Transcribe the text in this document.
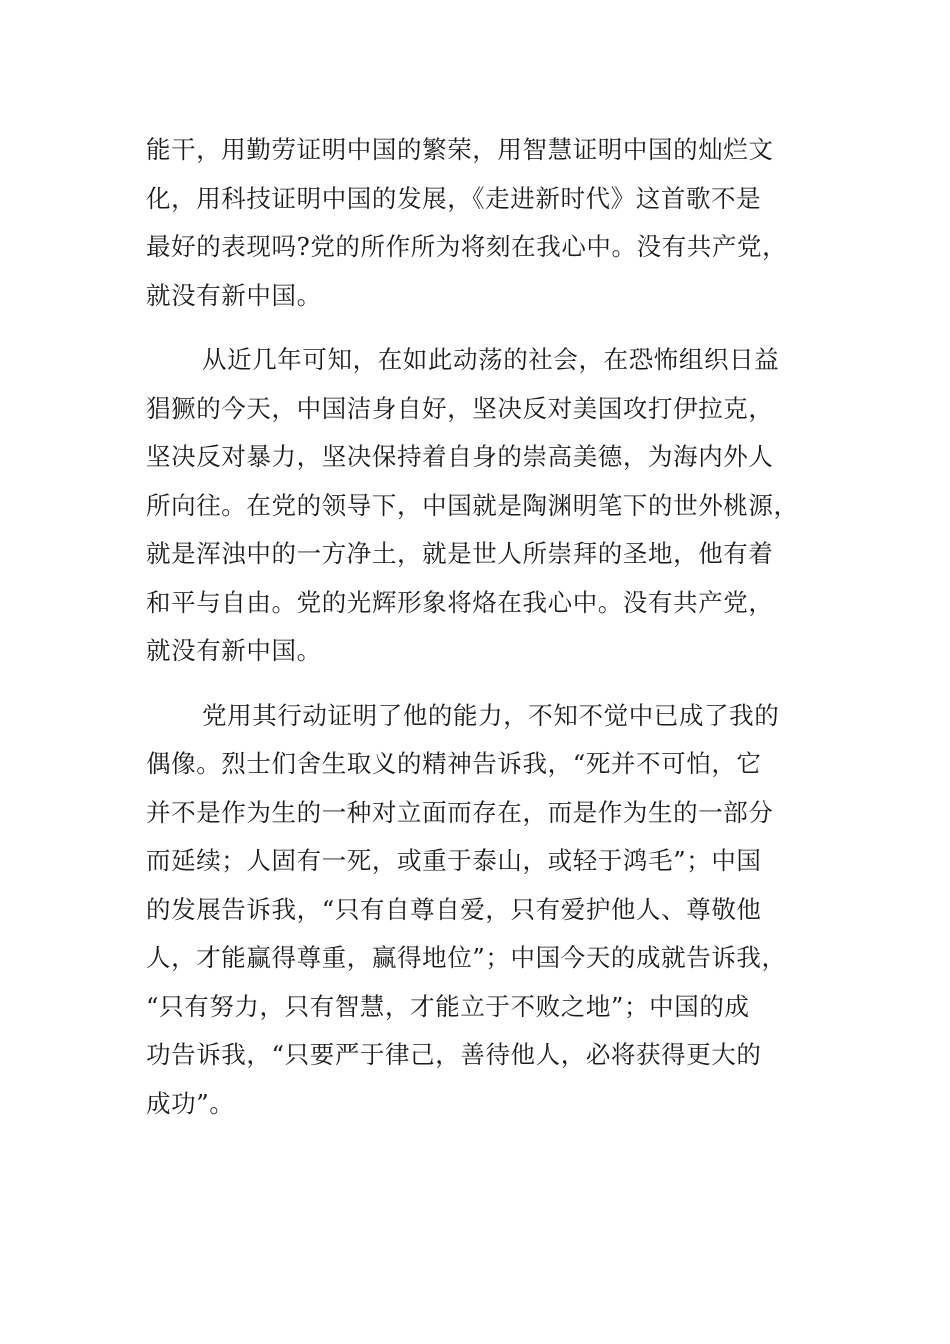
能干，用勤劳证明中国的繁荣，用智慧证明中国的灿烂文
化，用科技证明中国的发展，《走进新时代》这首歌不是
最好的表现吗?党的所作所为将刻在我心中。没有共产党，
就没有新中国。
从近几年可知，在如此动荡的社会，在恐怖组织日益
猖獗的今天，中国洁身自好，坚决反对美国攻打伊拉克，
坚决反对暴力，坚决保持着自身的崇高美德，为海内外人
所向往。在党的领导下，中国就是陶渊明笔下的世外桃源，
就是浑浊中的一方净土，就是世人所崇拜的圣地，他有着
和平与自由。党的光辉形象将烙在我心中。没有共产党，
就没有新中国。
党用其行动证明了他的能力，不知不觉中已成了我的
偶像。烈士们舍生取义的精神告诉我，“死并不可怕，它
并不是作为生的一种对立面而存在，而是作为生的一部分
而延续；人固有一死，或重于泰山，或轻于鸿毛”；中国
的发展告诉我，“只有自尊自爱，只有爱护他人、尊敬他
人，才能赢得尊重，赢得地位”；中国今天的成就告诉我，
“只有努力，只有智慧，才能立于不败之地”；中国的成
功告诉我，“只要严于律己，善待他人，必将获得更大的
成功”。
